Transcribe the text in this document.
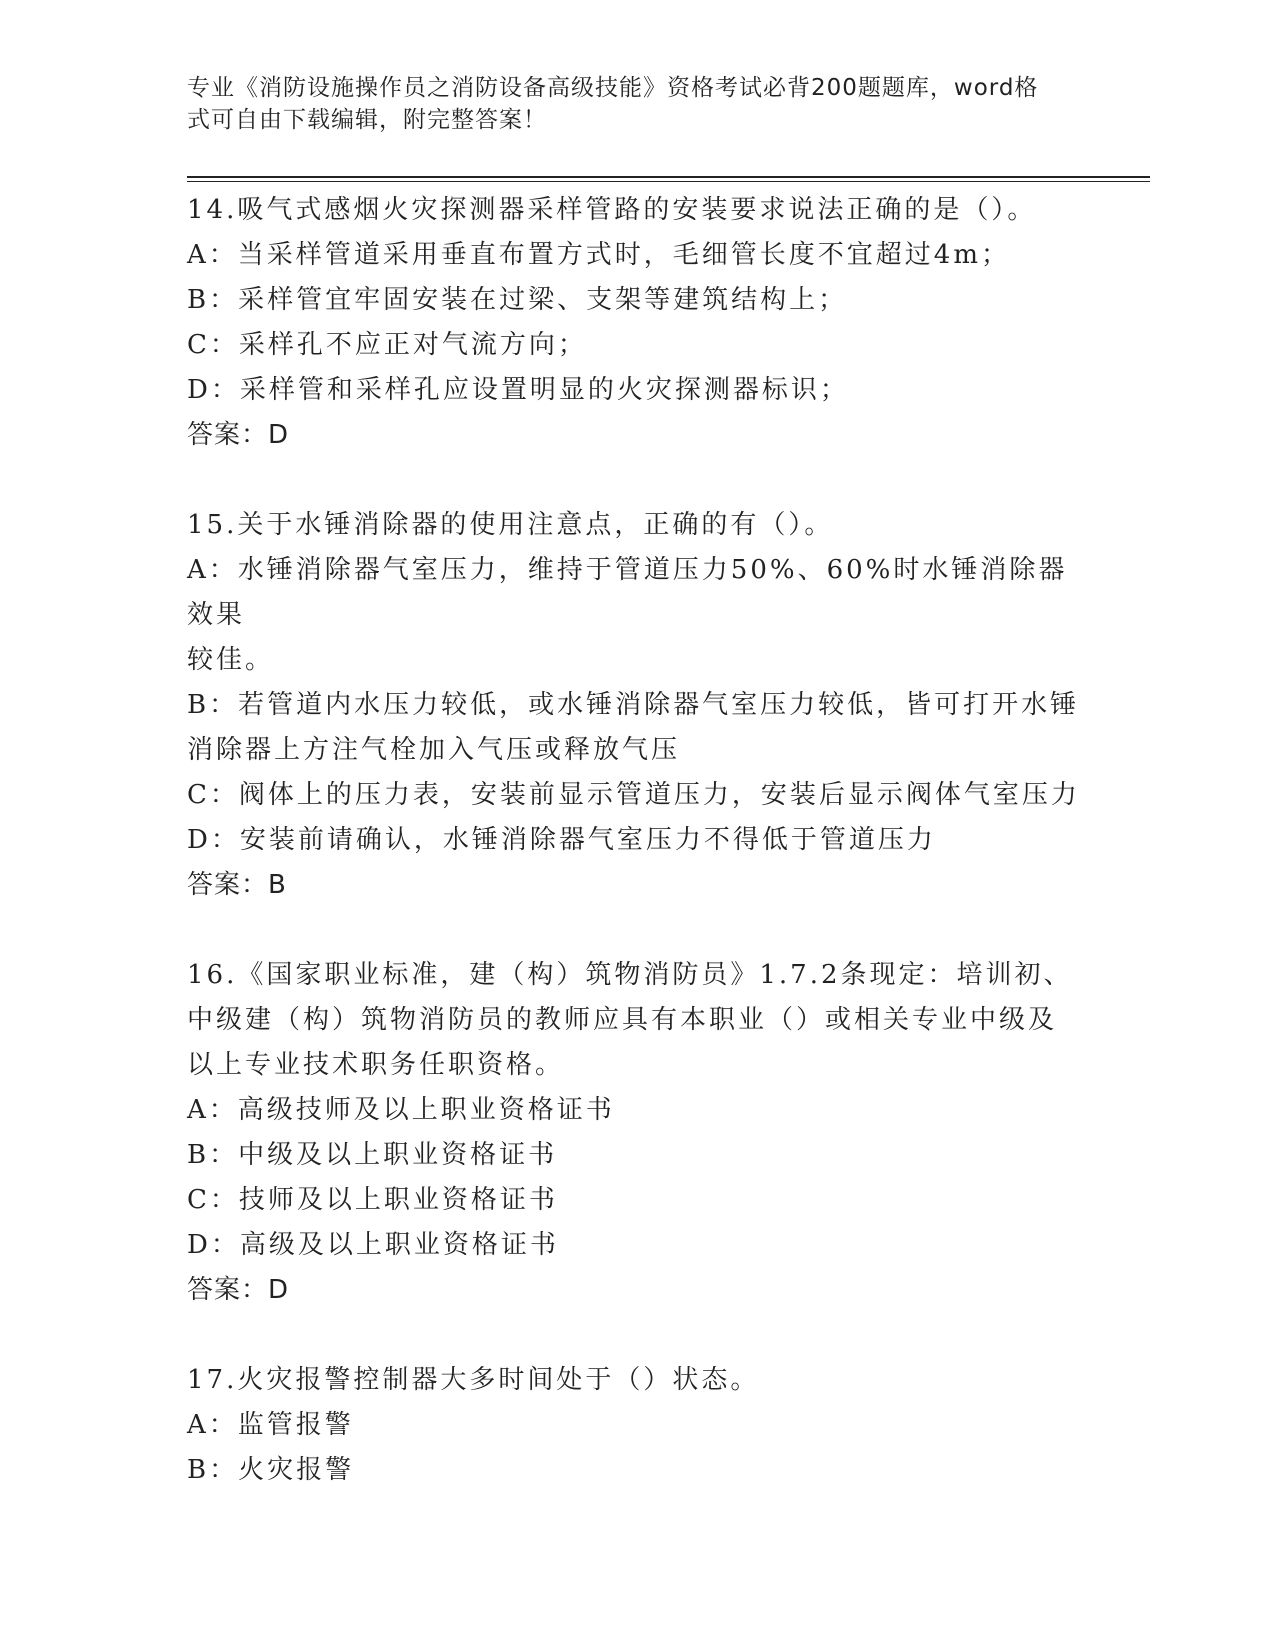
专业《消防设施操作员之消防设备高级技能》资格考试必背200题题库，word格
式可自由下载编辑，附完整答案！
14.吸气式感烟火灾探测器采样管路的安装要求说法正确的是（）。
A：当采样管道采用垂直布置方式时，毛细管长度不宜超过4m；
B：采样管宜牢固安装在过梁、支架等建筑结构上；
C：采样孔不应正对气流方向；
D：采样管和采样孔应设置明显的火灾探测器标识；
答案：D
15.关于水锤消除器的使用注意点，正确的有（）。
A：水锤消除器气室压力，维持于管道压力50%、60%时水锤消除器效果
较佳。
B：若管道内水压力较低，或水锤消除器气室压力较低，皆可打开水锤
消除器上方注气栓加入气压或释放气压
C：阀体上的压力表，安装前显示管道压力，安装后显示阀体气室压力
D：安装前请确认，水锤消除器气室压力不得低于管道压力
答案：B
16.《国家职业标准，建（构）筑物消防员》1.7.2条现定：培训初、
中级建（构）筑物消防员的教师应具有本职业（）或相关专业中级及
以上专业技术职务任职资格。
A：高级技师及以上职业资格证书
B：中级及以上职业资格证书
C：技师及以上职业资格证书
D：高级及以上职业资格证书
答案：D
17.火灾报警控制器大多时间处于（）状态。
A：监管报警
B：火灾报警
